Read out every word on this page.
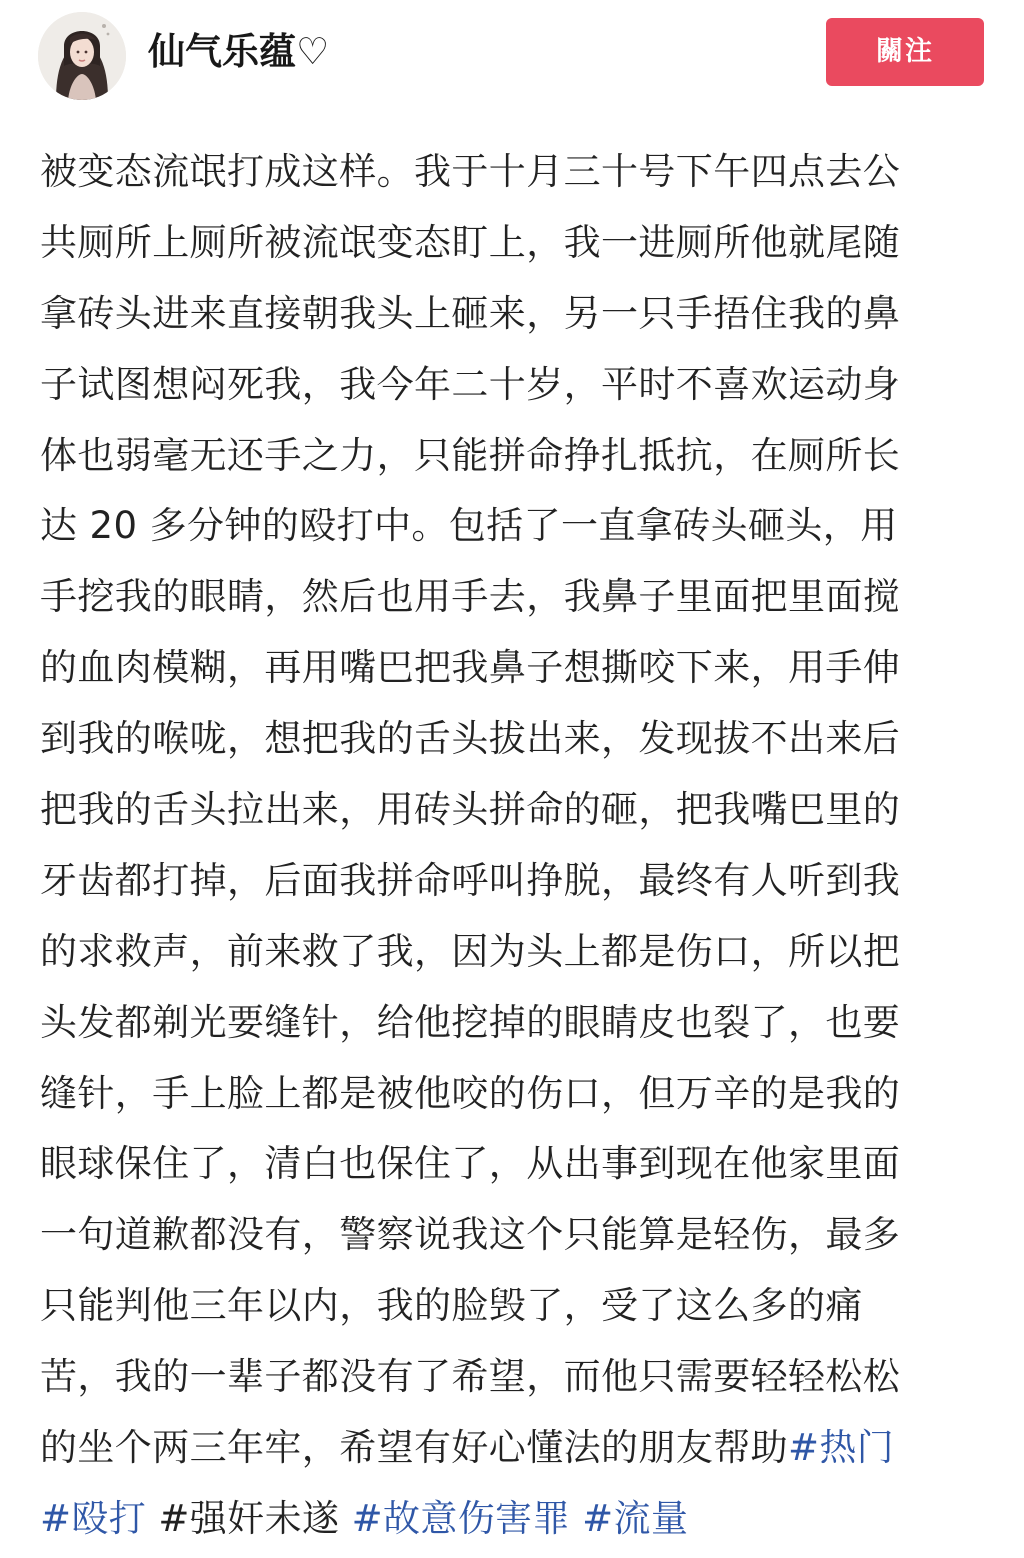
仙气乐蕴♡	關注
被变态流氓打成这样。我于十月三十号下午四点去公
共厕所上厕所被流氓变态盯上，我一进厕所他就尾随
拿砖头进来直接朝我头上砸来，另一只手捂住我的鼻
子试图想闷死我，我今年二十岁，平时不喜欢运动身
体也弱毫无还手之力，只能拼命挣扎抵抗，在厕所长
达 20 多分钟的殴打中。包括了一直拿砖头砸头，用
手挖我的眼睛，然后也用手去，我鼻子里面把里面搅
的血肉模糊，再用嘴巴把我鼻子想撕咬下来，用手伸
到我的喉咙，想把我的舌头拔出来，发现拔不出来后
把我的舌头拉出来，用砖头拼命的砸，把我嘴巴里的
牙齿都打掉，后面我拼命呼叫挣脱，最终有人听到我
的求救声，前来救了我，因为头上都是伤口，所以把
头发都剃光要缝针，给他挖掉的眼睛皮也裂了，也要
缝针，手上脸上都是被他咬的伤口，但万辛的是我的
眼球保住了，清白也保住了，从出事到现在他家里面
一句道歉都没有，警察说我这个只能算是轻伤，最多
只能判他三年以内，我的脸毁了，受了这么多的痛
苦，我的一辈子都没有了希望，而他只需要轻轻松松
的坐个两三年牢，希望有好心懂法的朋友帮助#热门
#殴打 #强奸未遂 #故意伤害罪 #流量
